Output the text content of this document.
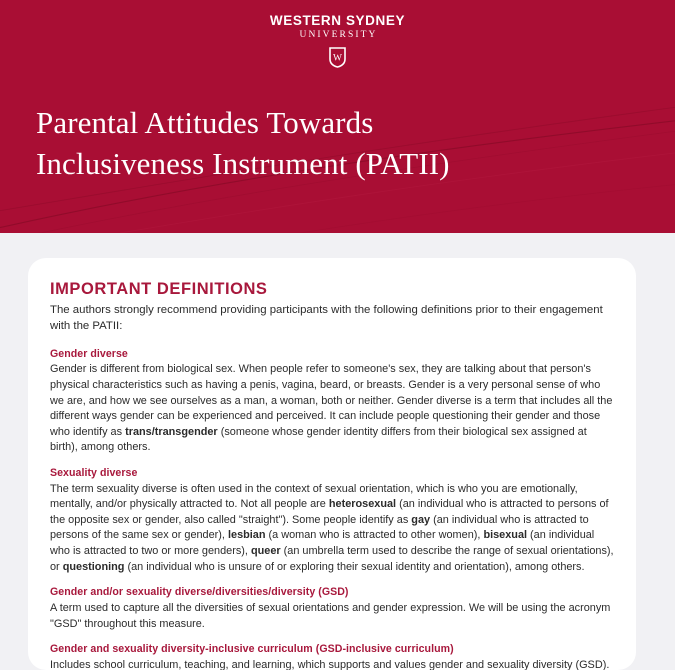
WESTERN SYDNEY
UNIVERSITY
W
Parental Attitudes Towards
Inclusiveness Instrument (PATII)
IMPORTANT DEFINITIONS

The authors strongly recommend providing participants with the following definitions prior to their engagement with the PATII:

Gender diverse
Gender is different from biological sex. When people refer to someone's sex, they are talking about that person's physical characteristics such as having a penis, vagina, beard, or breasts. Gender is a very personal sense of who we are, and how we see ourselves as a man, a woman, both or neither. Gender diverse is a term that includes all the different ways gender can be experienced and perceived. It can include people questioning their gender and those who identify as trans/transgender (someone whose gender identity differs from their biological sex assigned at birth), among others.
Sexuality diverse
The term sexuality diverse is often used in the context of sexual orientation, which is who you are emotionally, mentally, and/or physically attracted to. Not all people are heterosexual (an individual who is attracted to persons of the opposite sex or gender, also called "straight"). Some people identify as gay (an individual who is attracted to persons of the same sex or gender), lesbian (a woman who is attracted to other women), bisexual (an individual who is attracted to two or more genders), queer (an umbrella term used to describe the range of sexual orientations), or questioning (an individual who is unsure of or exploring their sexual identity and orientation), among others.
Gender and/or sexuality diverse/diversities/diversity (GSD)
A term used to capture all the diversities of sexual orientations and gender expression. We will be using the acronym "GSD" throughout this measure.
Gender and sexuality diversity-inclusive curriculum (GSD-inclusive curriculum)
Includes school curriculum, teaching, and learning, which supports and values gender and sexuality diversity (GSD).
